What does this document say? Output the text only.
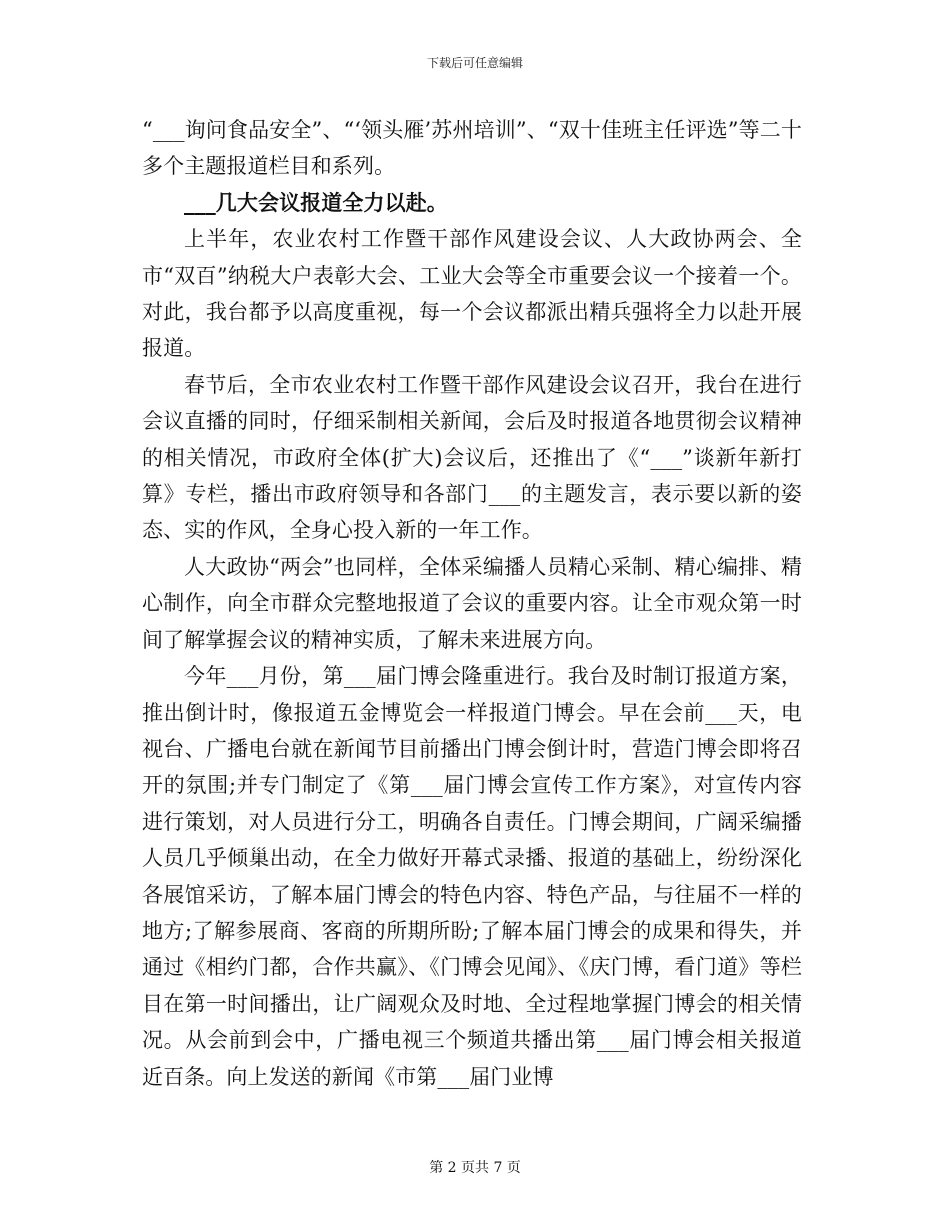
下载后可任意编辑

“___询问食品安全”、“‘领头雁’苏州培训”、“双十佳班主任评选”等二十多个主题报道栏目和系列。

___几大会议报道全力以赴。

上半年，农业农村工作暨干部作风建设会议、人大政协两会、全市“双百”纳税大户表彰大会、工业大会等全市重要会议一个接着一个。对此，我台都予以高度重视，每一个会议都派出精兵强将全力以赴开展报道。

春节后，全市农业农村工作暨干部作风建设会议召开，我台在进行会议直播的同时，仔细采制相关新闻，会后及时报道各地贯彻会议精神的相关情况，市政府全体(扩大)会议后，还推出了《“___”谈新年新打算》专栏，播出市政府领导和各部门___的主题发言，表示要以新的姿态、实的作风，全身心投入新的一年工作。

人大政协“两会”也同样，全体采编播人员精心采制、精心编排、精心制作，向全市群众完整地报道了会议的重要内容。让全市观众第一时间了解掌握会议的精神实质，了解未来进展方向。

今年___月份，第___届门博会隆重进行。我台及时制订报道方案，推出倒计时，像报道五金博览会一样报道门博会。早在会前___天，电视台、广播电台就在新闻节目前播出门博会倒计时，营造门博会即将召开的氛围;并专门制定了《第___届门博会宣传工作方案》，对宣传内容进行策划，对人员进行分工，明确各自责任。门博会期间，广阔采编播人员几乎倾巢出动，在全力做好开幕式录播、报道的基础上，纷纷深化各展馆采访，了解本届门博会的特色内容、特色产品，与往届不一样的地方;了解参展商、客商的所期所盼;了解本届门博会的成果和得失，并通过《相约门都，合作共赢》、《门博会见闻》、《庆门博，看门道》等栏目在第一时间播出，让广阔观众及时地、全过程地掌握门博会的相关情况。从会前到会中，广播电视三个频道共播出第___届门博会相关报道近百条。向上发送的新闻《市第___届门业博

第 2 页共 7 页
